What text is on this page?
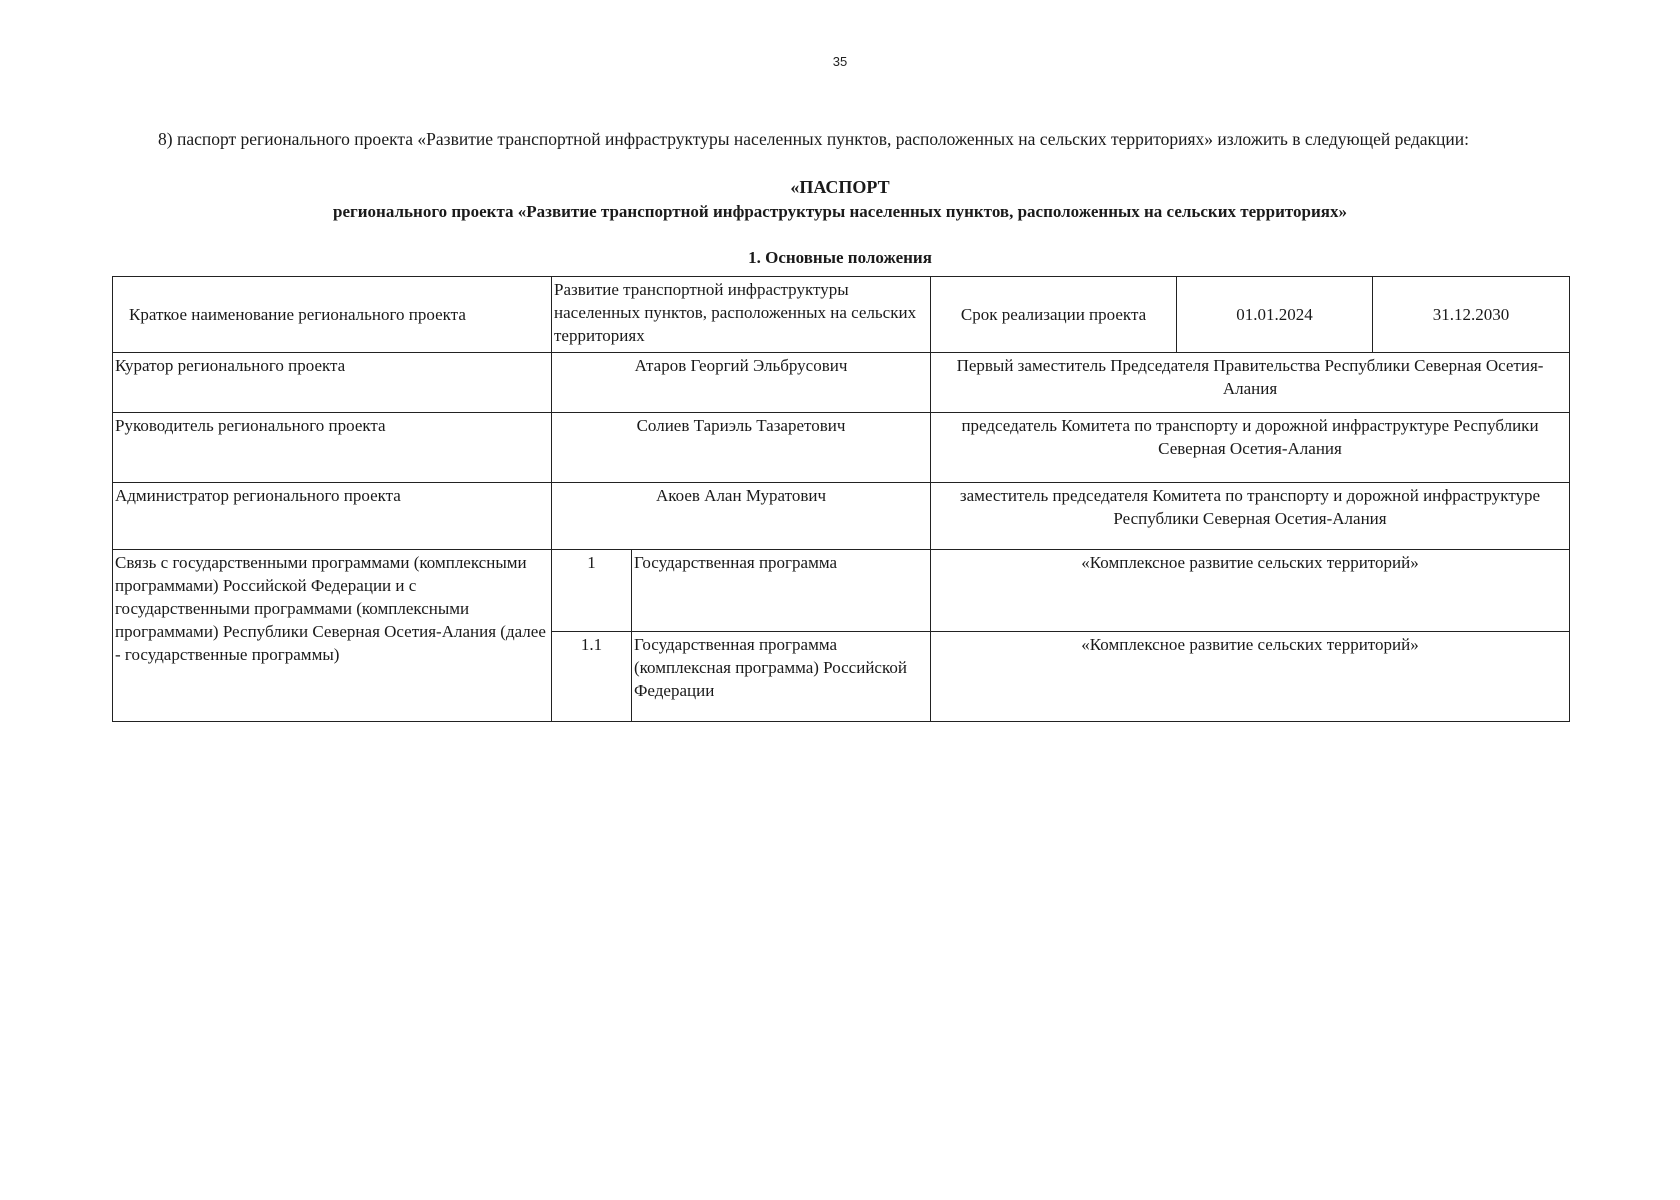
35
8) паспорт регионального проекта «Развитие транспортной инфраструктуры населенных пунктов, расположенных на сельских территориях» изложить в следующей редакции:
«ПАСПОРТ
регионального проекта «Развитие транспортной инфраструктуры населенных пунктов, расположенных на сельских территориях»
1. Основные положения
Краткое наименование регионального проекта	Развитие транспортной инфраструктуры населенных пунктов, расположенных на сельских территориях		Срок реализации проекта	01.01.2024	31.12.2030
Куратор регионального проекта	Атаров Георгий Эльбрусович		Первый заместитель Председателя Правительства Республики Северная Осетия-Алания		
Руководитель регионального проекта	Солиев Тариэль Тазаретович		председатель Комитета по транспорту и дорожной инфраструктуре Республики Северная Осетия-Алания		
Администратор регионального проекта	Акоев Алан Муратович		заместитель председателя Комитета по транспорту и дорожной инфраструктуре Республики Северная Осетия-Алания		
Связь с государственными программами (комплексными программами) Российской Федерации и с государственными программами (комплексными программами) Республики Северная Осетия-Алания (далее - государственные программы)	1	Государственная программа	«Комплексное развитие сельских территорий»		
	1.1	Государственная программа (комплексная программа) Российской Федерации	«Комплексное развитие сельских территорий»		
